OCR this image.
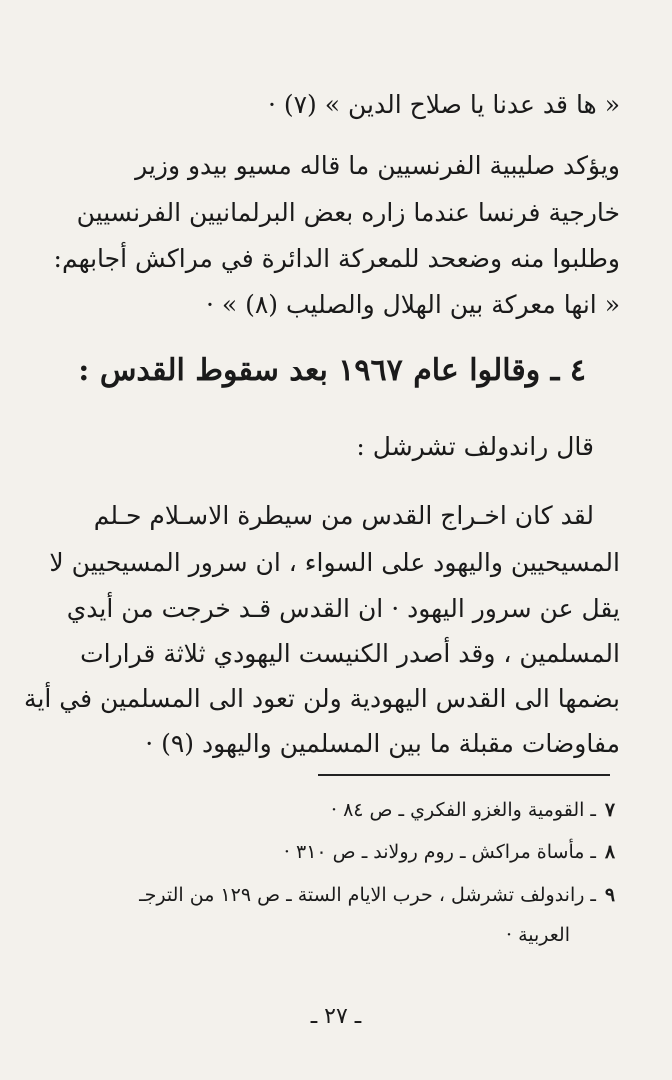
« ها قد عدنا يا صلاح الدين » (٧) ·
ويؤكد صليبية الفرنسيين ما قاله مسيو بيدو وزير
خارجية فرنسا عندما زاره بعض البرلمانيين الفرنسيين
وطلبوا منه وضعحد للمعركة الدائرة في مراكش أجابهم:
« انها معركة بين الهلال والصليب (٨) » ·
٤ ـ وقالوا عام ١٩٦٧ بعد سقوط القدس :
قال راندولف تشرشل :
لقد كان اخـراج القدس من سيطرة الاسـلام حـلم
المسيحيين واليهود على السواء ، ان سرور المسيحيين لا
يقل عن سرور اليهود · ان القدس قـد خرجت من أيدي
المسلمين ، وقد أصدر الكنيست اليهودي ثلاثة قرارات
بضمها الى القدس اليهودية ولن تعود الى المسلمين في أية
مفاوضات مقبلة ما بين المسلمين واليهود (٩) ·
٧ـالقومية والغزو الفكري ـ ص ٨٤ ·
٨ـمأساة مراكش ـ روم رولاند ـ ص ٣١٠ ·
٩ـراندولف تشرشل ، حرب الايام الستة ـ ص ١٢٩ من الترجـ
العربية ·
ـ ٢٧ ـ
